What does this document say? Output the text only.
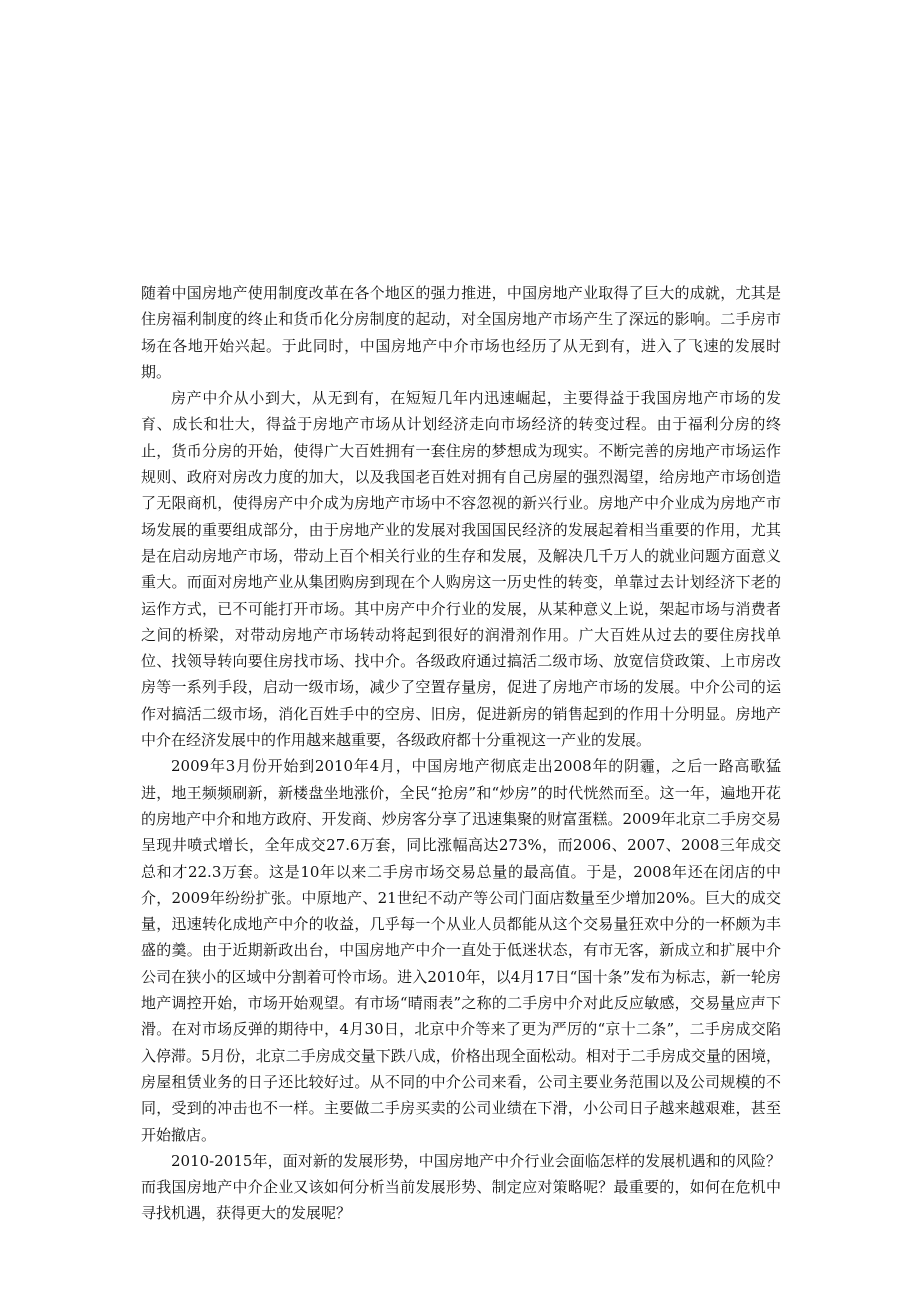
随着中国房地产使用制度改革在各个地区的强力推进，中国房地产业取得了巨大的成就，尤其是住房福利制度的终止和货币化分房制度的起动，对全国房地产市场产生了深远的影响。二手房市场在各地开始兴起。于此同时，中国房地产中介市场也经历了从无到有，进入了飞速的发展时期。

房产中介从小到大，从无到有，在短短几年内迅速崛起，主要得益于我国房地产市场的发育、成长和壮大，得益于房地产市场从计划经济走向市场经济的转变过程。由于福利分房的终止，货币分房的开始，使得广大百姓拥有一套住房的梦想成为现实。不断完善的房地产市场运作规则、政府对房改力度的加大，以及我国老百姓对拥有自己房屋的强烈渴望，给房地产市场创造了无限商机，使得房产中介成为房地产市场中不容忽视的新兴行业。房地产中介业成为房地产市场发展的重要组成部分，由于房地产业的发展对我国国民经济的发展起着相当重要的作用，尤其是在启动房地产市场，带动上百个相关行业的生存和发展，及解决几千万人的就业问题方面意义重大。而面对房地产业从集团购房到现在个人购房这一历史性的转变，单靠过去计划经济下老的运作方式，已不可能打开市场。其中房产中介行业的发展，从某种意义上说，架起市场与消费者之间的桥梁，对带动房地产市场转动将起到很好的润滑剂作用。广大百姓从过去的要住房找单位、找领导转向要住房找市场、找中介。各级政府通过搞活二级市场、放宽信贷政策、上市房改房等一系列手段，启动一级市场，减少了空置存量房，促进了房地产市场的发展。中介公司的运作对搞活二级市场，消化百姓手中的空房、旧房，促进新房的销售起到的作用十分明显。房地产中介在经济发展中的作用越来越重要，各级政府都十分重视这一产业的发展。

2009年3月份开始到2010年4月，中国房地产彻底走出2008年的阴霾，之后一路高歌猛进，地王频频刷新，新楼盘坐地涨价，全民“抢房”和“炒房”的时代恍然而至。这一年，遍地开花的房地产中介和地方政府、开发商、炒房客分享了迅速集聚的财富蛋糕。2009年北京二手房交易呈现井喷式增长，全年成交27.6万套，同比涨幅高达273%，而2006、2007、2008三年成交总和才22.3万套。这是10年以来二手房市场交易总量的最高值。于是，2008年还在闭店的中介，2009年纷纷扩张。中原地产、21世纪不动产等公司门面店数量至少增加20%。巨大的成交量，迅速转化成地产中介的收益，几乎每一个从业人员都能从这个交易量狂欢中分的一杯颇为丰盛的羹。由于近期新政出台，中国房地产中介一直处于低迷状态，有市无客，新成立和扩展中介公司在狭小的区域中分割着可怜市场。进入2010年，以4月17日“国十条”发布为标志，新一轮房地产调控开始，市场开始观望。有市场“晴雨表”之称的二手房中介对此反应敏感，交易量应声下滑。在对市场反弹的期待中，4月30日，北京中介等来了更为严厉的“京十二条”，二手房成交陷入停滞。5月份，北京二手房成交量下跌八成，价格出现全面松动。相对于二手房成交量的困境，房屋租赁业务的日子还比较好过。从不同的中介公司来看，公司主要业务范围以及公司规模的不同，受到的冲击也不一样。主要做二手房买卖的公司业绩在下滑，小公司日子越来越艰难，甚至开始撤店。

2010-2015年，面对新的发展形势，中国房地产中介行业会面临怎样的发展机遇和的风险？而我国房地产中介企业又该如何分析当前发展形势、制定应对策略呢？最重要的，如何在危机中寻找机遇，获得更大的发展呢？
